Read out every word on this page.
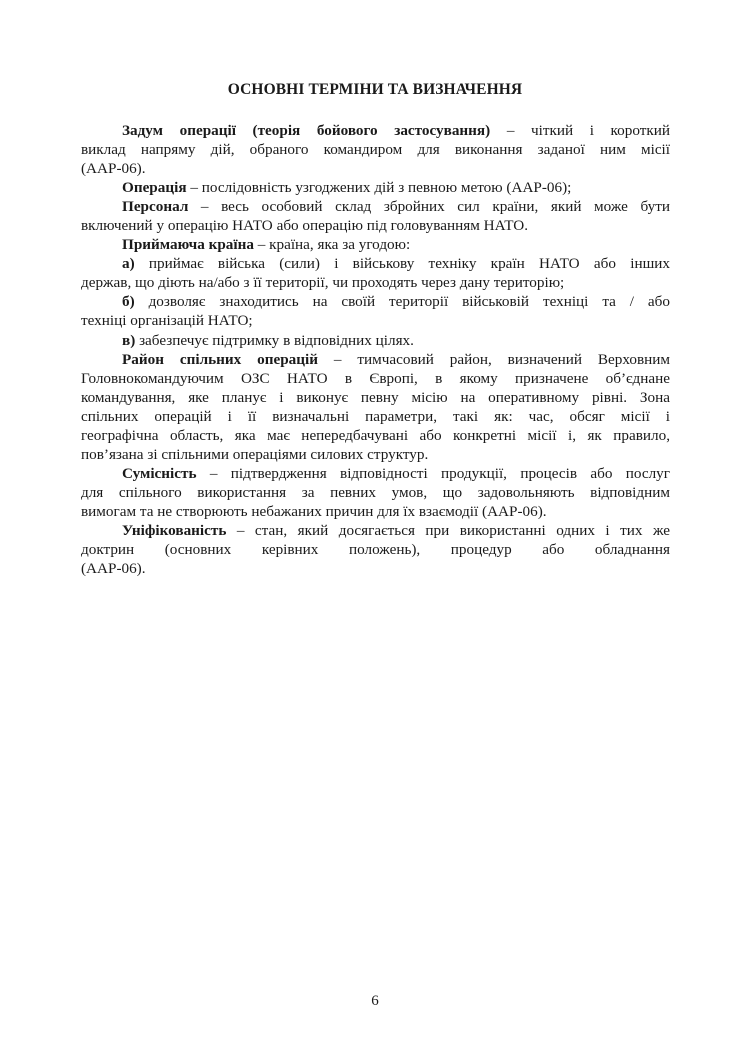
ОСНОВНІ ТЕРМІНИ ТА ВИЗНАЧЕННЯ
Задум операції (теорія бойового застосування) – чіткий і короткий
виклад напряму дій, обраного командиром для виконання заданої ним місії
(AAP-06).
Операція – послідовність узгоджених дій з певною метою (AAP-06);
Персонал – весь особовий склад збройних сил країни, який може бути
включений у операцію НАТО або операцію під головуванням НАТО.
Приймаюча країна – країна, яка за угодою:
а) приймає війська (сили) і військову техніку країн НАТО або інших
держав, що діють на/або з її території, чи проходять через дану територію;
б) дозволяє знаходитись на своїй території військовій техніці та / або
техніці організацій НАТО;
в) забезпечує підтримку в відповідних цілях.
Район спільних операцій – тимчасовий район, визначений Верховним
Головнокомандуючим ОЗС НАТО в Європі, в якому призначене об’єднане
командування, яке планує і виконує певну місію на оперативному рівні. Зона
спільних операцій і її визначальні параметри, такі як: час, обсяг місії і
географічна область, яка має непередбачувані або конкретні місії і, як правило,
пов’язана зі спільними операціями силових структур.
Сумісність – підтвердження відповідності продукції, процесів або послуг
для спільного використання за певних умов, що задовольняють відповідним
вимогам та не створюють небажаних причин для їх взаємодії (AAP-06).
Уніфікованість – стан, який досягається при використанні одних і тих же
доктрин (основних керівних положень), процедур або обладнання
(AAP-06).
6
